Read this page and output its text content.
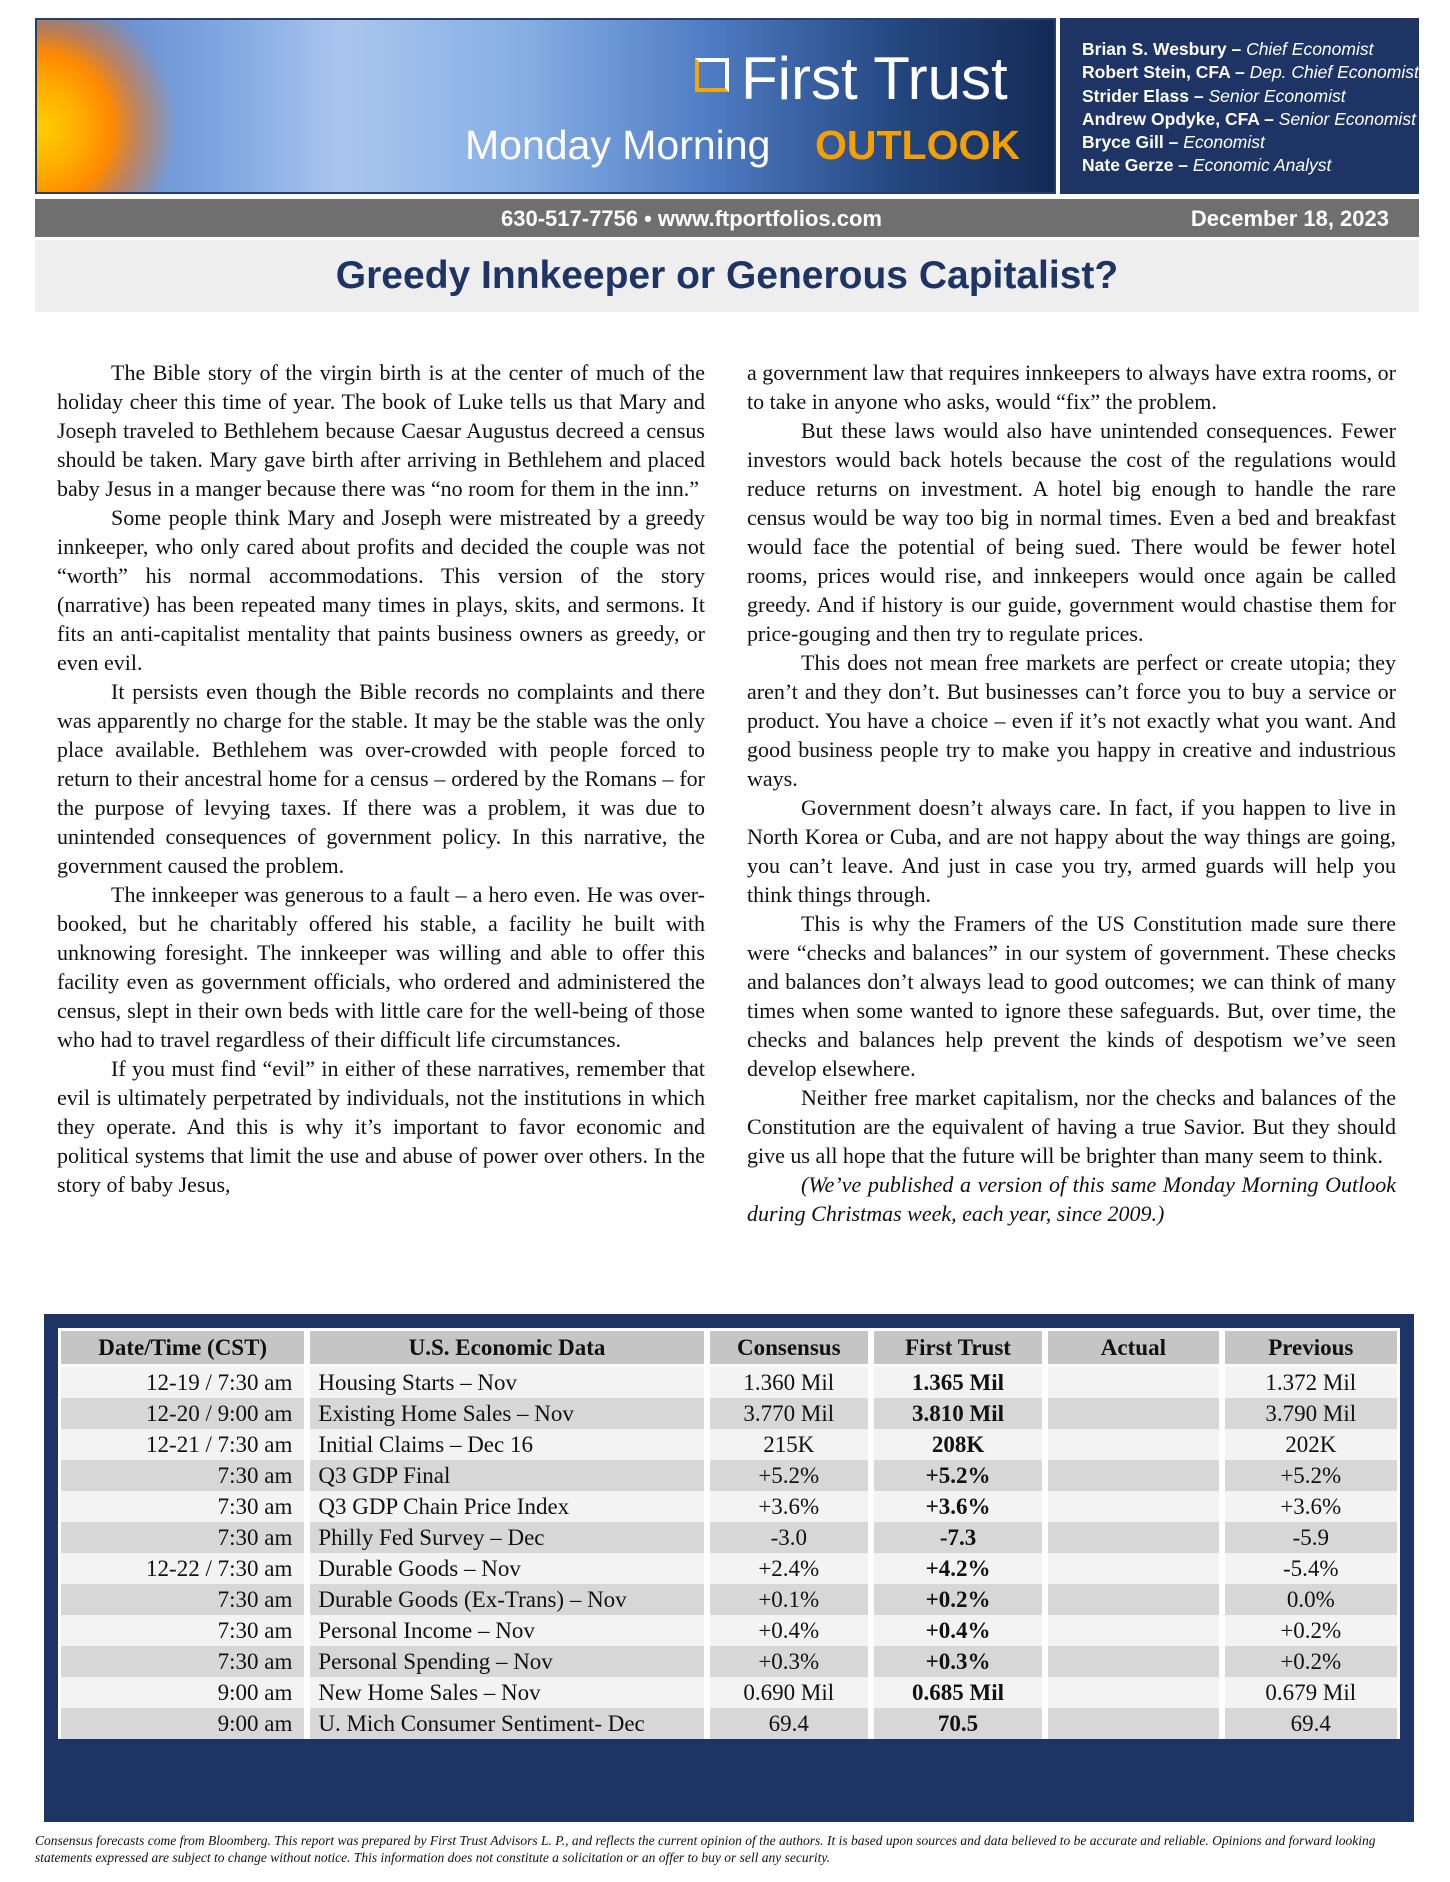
First Trust
Monday Morning OUTLOOK
Brian S. Wesbury – Chief Economist
Robert Stein, CFA – Dep. Chief Economist
Strider Elass – Senior Economist
Andrew Opdyke, CFA – Senior Economist
Bryce Gill – Economist
Nate Gerze – Economic Analyst
630-517-7756 • www.ftportfolios.com	December 18, 2023
Greedy Innkeeper or Generous Capitalist?

The Bible story of the virgin birth is at the center of much of the holiday cheer this time of year. The book of Luke tells us that Mary and Joseph traveled to Bethlehem because Caesar Augustus decreed a census should be taken. Mary gave birth after arriving in Bethlehem and placed baby Jesus in a manger because there was “no room for them in the inn.”

Some people think Mary and Joseph were mistreated by a greedy innkeeper, who only cared about profits and decided the couple was not “worth” his normal accommodations. This version of the story (narrative) has been repeated many times in plays, skits, and sermons. It fits an anti-capitalist mentality that paints business owners as greedy, or even evil.

It persists even though the Bible records no complaints and there was apparently no charge for the stable. It may be the stable was the only place available. Bethlehem was over-crowded with people forced to return to their ancestral home for a census – ordered by the Romans – for the purpose of levying taxes. If there was a problem, it was due to unintended consequences of government policy. In this narrative, the government caused the problem.

The innkeeper was generous to a fault – a hero even. He was over-booked, but he charitably offered his stable, a facility he built with unknowing foresight. The innkeeper was willing and able to offer this facility even as government officials, who ordered and administered the census, slept in their own beds with little care for the well-being of those who had to travel regardless of their difficult life circumstances.

If you must find “evil” in either of these narratives, remember that evil is ultimately perpetrated by individuals, not the institutions in which they operate. And this is why it’s important to favor economic and political systems that limit the use and abuse of power over others. In the story of baby Jesus,

a government law that requires innkeepers to always have extra rooms, or to take in anyone who asks, would “fix” the problem.

But these laws would also have unintended consequences. Fewer investors would back hotels because the cost of the regulations would reduce returns on investment. A hotel big enough to handle the rare census would be way too big in normal times. Even a bed and breakfast would face the potential of being sued. There would be fewer hotel rooms, prices would rise, and innkeepers would once again be called greedy. And if history is our guide, government would chastise them for price-gouging and then try to regulate prices.

This does not mean free markets are perfect or create utopia; they aren’t and they don’t. But businesses can’t force you to buy a service or product. You have a choice – even if it’s not exactly what you want. And good business people try to make you happy in creative and industrious ways.

Government doesn’t always care. In fact, if you happen to live in North Korea or Cuba, and are not happy about the way things are going, you can’t leave. And just in case you try, armed guards will help you think things through.

This is why the Framers of the US Constitution made sure there were “checks and balances” in our system of government. These checks and balances don’t always lead to good outcomes; we can think of many times when some wanted to ignore these safeguards. But, over time, the checks and balances help prevent the kinds of despotism we’ve seen develop elsewhere.

Neither free market capitalism, nor the checks and balances of the Constitution are the equivalent of having a true Savior. But they should give us all hope that the future will be brighter than many seem to think.

(We’ve published a version of this same Monday Morning Outlook during Christmas week, each year, since 2009.)

Date/Time (CST)	U.S. Economic Data	Consensus	First Trust	Actual	Previous
12-19 / 7:30 am	Housing Starts – Nov	1.360 Mil	1.365 Mil		1.372 Mil
12-20 / 9:00 am	Existing Home Sales – Nov	3.770 Mil	3.810 Mil		3.790 Mil
12-21 / 7:30 am	Initial Claims – Dec 16	215K	208K		202K
7:30 am	Q3 GDP Final	+5.2%	+5.2%		+5.2%
7:30 am	Q3 GDP Chain Price Index	+3.6%	+3.6%		+3.6%
7:30 am	Philly Fed Survey – Dec	-3.0	-7.3		-5.9
12-22 / 7:30 am	Durable Goods – Nov	+2.4%	+4.2%		-5.4%
7:30 am	Durable Goods (Ex-Trans) – Nov	+0.1%	+0.2%		0.0%
7:30 am	Personal Income – Nov	+0.4%	+0.4%		+0.2%
7:30 am	Personal Spending – Nov	+0.3%	+0.3%		+0.2%
9:00 am	New Home Sales – Nov	0.690 Mil	0.685 Mil		0.679 Mil
9:00 am	U. Mich Consumer Sentiment- Dec	69.4	70.5		69.4
Consensus forecasts come from Bloomberg. This report was prepared by First Trust Advisors L. P., and reflects the current opinion of the authors. It is based upon sources and data believed to be accurate and reliable. Opinions and forward looking statements expressed are subject to change without notice. This information does not constitute a solicitation or an offer to buy or sell any security.
